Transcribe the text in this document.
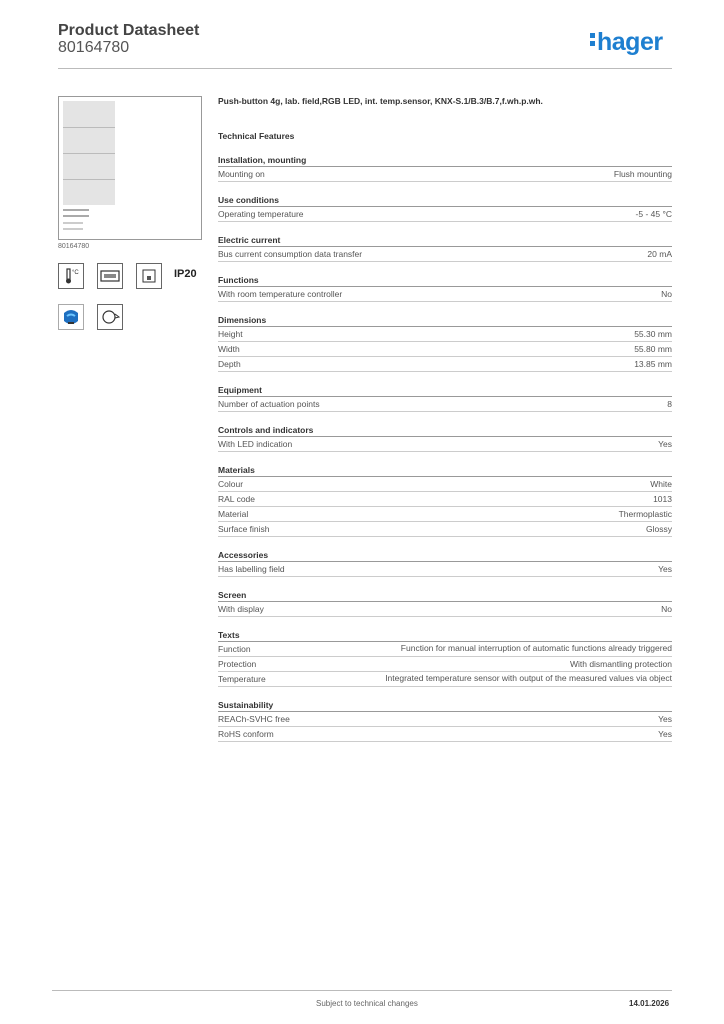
Product Datasheet
80164780	hager
80164780
°C	IP20
Push-button 4g, lab. field,RGB LED, int. temp.sensor, KNX-S.1/B.3/B.7,f.wh.p.wh.
Technical Features
Installation, mounting
Mounting on	Flush mounting
Use conditions
Operating temperature	-5 - 45 °C
Electric current
Bus current consumption data transfer	20 mA
Functions
With room temperature controller	No
Dimensions
Height	55.30 mm
Width	55.80 mm
Depth	13.85 mm
Equipment
Number of actuation points	8
Controls and indicators
With LED indication	Yes
Materials
Colour	White
RAL code	1013
Material	Thermoplastic
Surface finish	Glossy
Accessories
Has labelling field	Yes
Screen
With display	No
Texts
Function	Function for manual interruption of automatic functions already triggered
Protection	With dismantling protection
Temperature	Integrated temperature sensor with output of the measured values via object
Sustainability
REACh-SVHC free	Yes
RoHS conform	Yes
Subject to technical changes	14.01.2026
